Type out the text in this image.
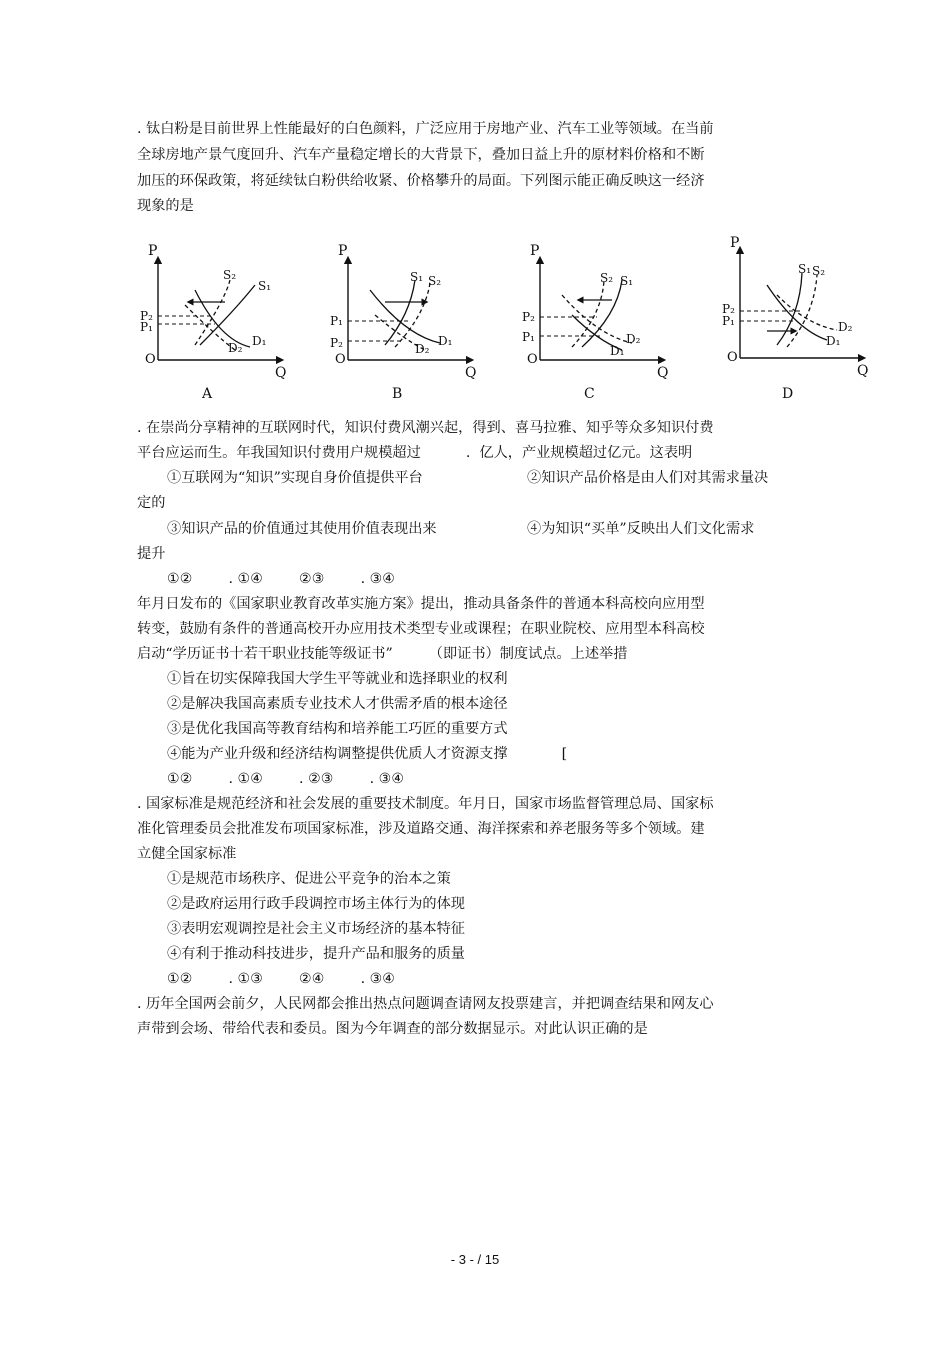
. 钛白粉是目前世界上性能最好的白色颜料，广泛应用于房地产业、汽车工业等领域。在当前
全球房地产景气度回升、汽车产量稳定增长的大背景下，叠加日益上升的原材料价格和不断
加压的环保政策，将延续钛白粉供给收紧、价格攀升的局面。下列图示能正确反映这一经济
现象的是
P
Q
O
P₂
P₁
S₂
S₁
D₁
D₂
A
P
Q
O
P₁
P₂
S₁ S₂
D₁
D₂
B
P
Q
O
P₂
P₁
S₂ S₁
D₂
D₁
C
P
Q
O
P₂
P₁
S₁ S₂
D₂
D₁
D
. 在崇尚分享精神的互联网时代，知识付费风潮兴起，得到、喜马拉雅、知乎等众多知识付费
平台应运而生。年我国知识付费用户规模超过          .  亿人，产业规模超过亿元。这表明
①互联网为“知识”实现自身价值提供平台	②知识产品价格是由人们对其需求量决
定的
③知识产品的价值通过其使用价值表现出来	④为知识“买单”反映出人们文化需求
提升
①②        . ①④        ②③        . ③④
年月日发布的《国家职业教育改革实施方案》提出，推动具备条件的普通本科高校向应用型
转变，鼓励有条件的普通高校开办应用技术类型专业或课程；在职业院校、应用型本科高校
启动“学历证书十若干职业技能等级证书”        （即证书）制度试点。上述举措
①旨在切实保障我国大学生平等就业和选择职业的权利
②是解决我国高素质专业技术人才供需矛盾的根本途径
③是优化我国高等教育结构和培养能工巧匠的重要方式
④能为产业升级和经济结构调整提供优质人才资源支撑            [
①②        . ①④        . ②③        . ③④
. 国家标准是规范经济和社会发展的重要技术制度。年月日，国家市场监督管理总局、国家标
准化管理委员会批准发布项国家标准，涉及道路交通、海洋探索和养老服务等多个领域。建
立健全国家标准
①是规范市场秩序、促进公平竞争的治本之策
②是政府运用行政手段调控市场主体行为的体现
③表明宏观调控是社会主义市场经济的基本特征
④有利于推动科技进步，提升产品和服务的质量
①②        . ①③        ②④        . ③④
. 历年全国两会前夕，人民网都会推出热点问题调查请网友投票建言，并把调查结果和网友心
声带到会场、带给代表和委员。图为今年调查的部分数据显示。对此认识正确的是
- 3 - / 15
